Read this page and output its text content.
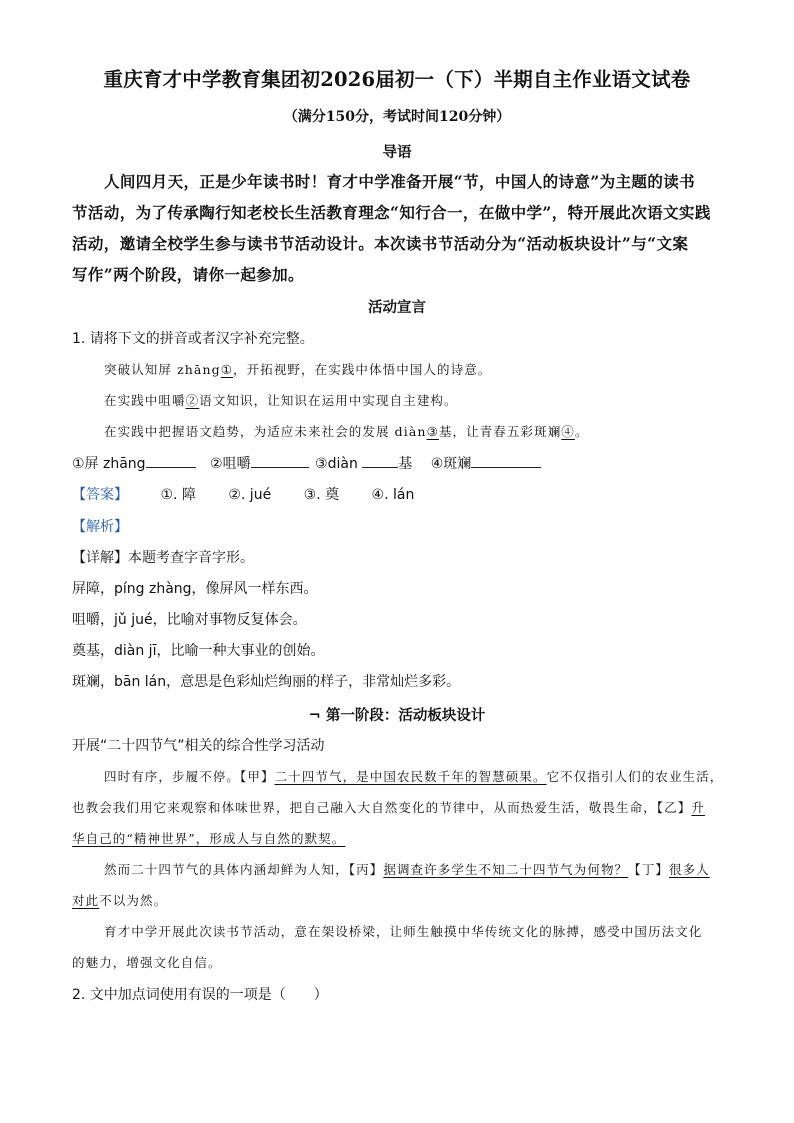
重庆育才中学教育集团初2026届初一（下）半期自主作业语文试卷
（满分150分，考试时间120分钟）
导语
人间四月天，正是少年读书时！育才中学准备开展“节，中国人的诗意”为主题的读书
节活动，为了传承陶行知老校长生活教育理念“知行合一，在做中学”，特开展此次语文实践
活动，邀请全校学生参与读书节活动设计。本次读书节活动分为“活动板块设计”与“文案
写作”两个阶段，请你一起参加。
活动宣言
1. 请将下文的拼音或者汉字补充完整。
突破认知屏 zhāng①，开拓视野，在实践中体悟中国人的诗意。
在实践中咀嚼②语文知识，让知识在运用中实现自主建构。
在实践中把握语文趋势，为适应未来社会的发展 diàn③基，让青春五彩斑斓④。
①屏 zhāng	②咀嚼	③diàn	基 ④斑斓
【答案】 ①. 障 ②. jué ③. 奠 ④. lán
【解析】
【详解】本题考查字音字形。
屏障，píng zhàng，像屏风一样东西。
咀嚼，jǔ jué，比喻对事物反复体会。
奠基，diàn jī，比喻一种大事业的创始。
斑斓，bān lán，意思是色彩灿烂绚丽的样子，非常灿烂多彩。
¬ 第一阶段：活动板块设计
开展“二十四节气”相关的综合性学习活动
四时有序，步履不停。【甲】二十四节气，是中国农民数千年的智慧硕果。它不仅指引人们的农业生活，
也教会我们用它来观察和体味世界，把自己融入大自然变化的节律中，从而热爱生活，敬畏生命，【乙】升
华自己的“精神世界”，形成人与自然的默契。
然而二十四节气的具体内涵却鲜为人知，【丙】据调查许多学生不知二十四节气为何物？【丁】很多人
对此不以为然。
育才中学开展此次读书节活动，意在架设桥梁，让师生触摸中华传统文化的脉搏，感受中国历法文化
的魅力，增强文化自信。
2. 文中加点词使用有误的一项是（　　）
